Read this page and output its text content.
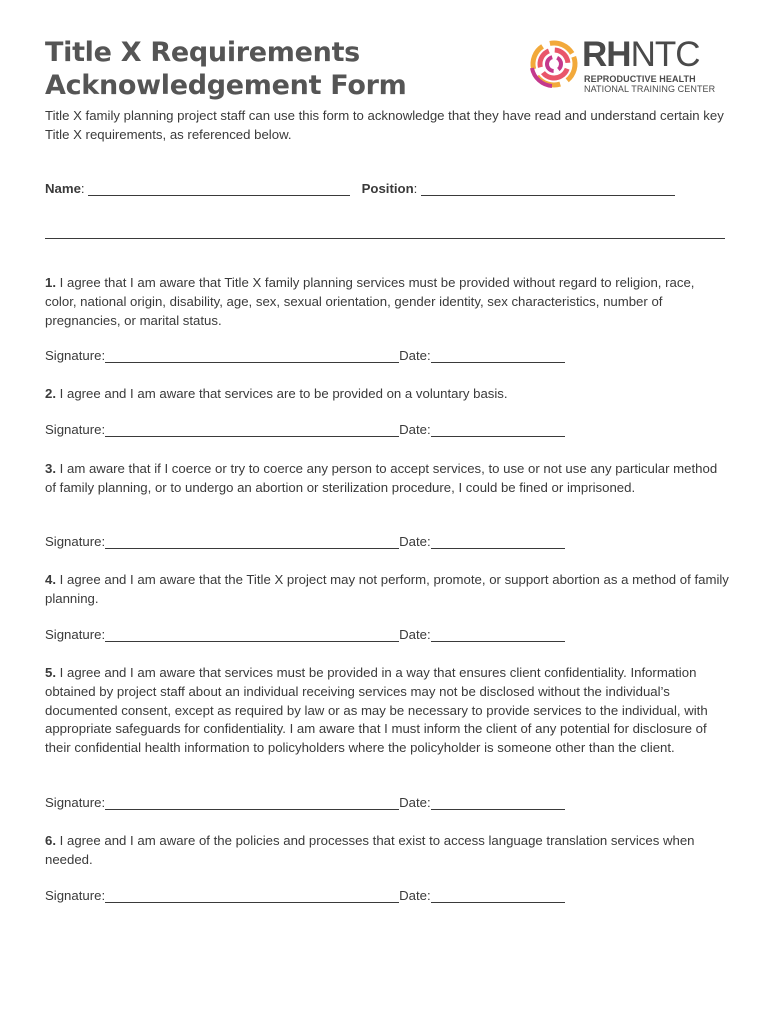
Title X Requirements
Acknowledgement Form
RHNTC
REPRODUCTIVE HEALTH
NATIONAL TRAINING CENTER

Title X family planning project staff can use this form to acknowledge that they have read and understand certain key Title X requirements, as referenced below.

Name:	Position:

1. I agree that I am aware that Title X family planning services must be provided without regard to religion, race, color, national origin, disability, age, sex, sexual orientation, gender identity, sex characteristics, number of pregnancies, or marital status.

Signature:	Date:

2. I agree and I am aware that services are to be provided on a voluntary basis.

Signature:	Date:

3. I am aware that if I coerce or try to coerce any person to accept services, to use or not use any particular method of family planning, or to undergo an abortion or sterilization procedure, I could be fined or imprisoned.

Signature:	Date:

4. I agree and I am aware that the Title X project may not perform, promote, or support abortion as a method of family planning.

Signature:	Date:

5. I agree and I am aware that services must be provided in a way that ensures client confidentiality. Information obtained by project staff about an individual receiving services may not be disclosed without the individual’s documented consent, except as required by law or as may be necessary to provide services to the individual, with appropriate safeguards for confidentiality. I am aware that I must inform the client of any potential for disclosure of their confidential health information to policyholders where the policyholder is someone other than the client.

Signature:	Date:

6. I agree and I am aware of the policies and processes that exist to access language translation services when needed.

Signature:	Date:
